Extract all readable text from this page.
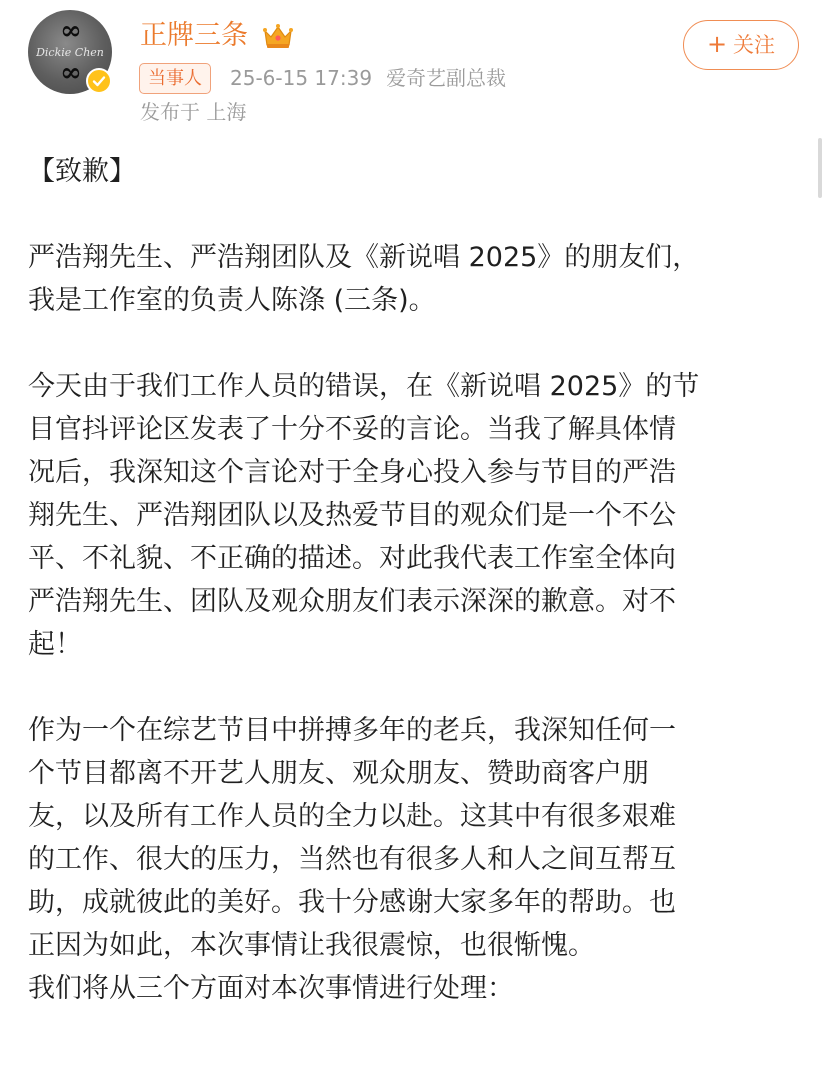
∞
Dickie Chen
∞
正牌三条
当事人	25-6-15 17:39 爱奇艺副总裁
发布于 上海
+ 关注

【致歉】

严浩翔先生、严浩翔团队及《新说唱 2025》的朋友们，

我是工作室的负责人陈涤 (三条)。

今天由于我们工作人员的错误，在《新说唱 2025》的节

目官抖评论区发表了十分不妥的言论。当我了解具体情

况后，我深知这个言论对于全身心投入参与节目的严浩

翔先生、严浩翔团队以及热爱节目的观众们是一个不公

平、不礼貌、不正确的描述。对此我代表工作室全体向

严浩翔先生、团队及观众朋友们表示深深的歉意。对不

起！

作为一个在综艺节目中拼搏多年的老兵，我深知任何一

个节目都离不开艺人朋友、观众朋友、赞助商客户朋

友，以及所有工作人员的全力以赴。这其中有很多艰难

的工作、很大的压力，当然也有很多人和人之间互帮互

助，成就彼此的美好。我十分感谢大家多年的帮助。也

正因为如此，本次事情让我很震惊，也很惭愧。

我们将从三个方面对本次事情进行处理：
